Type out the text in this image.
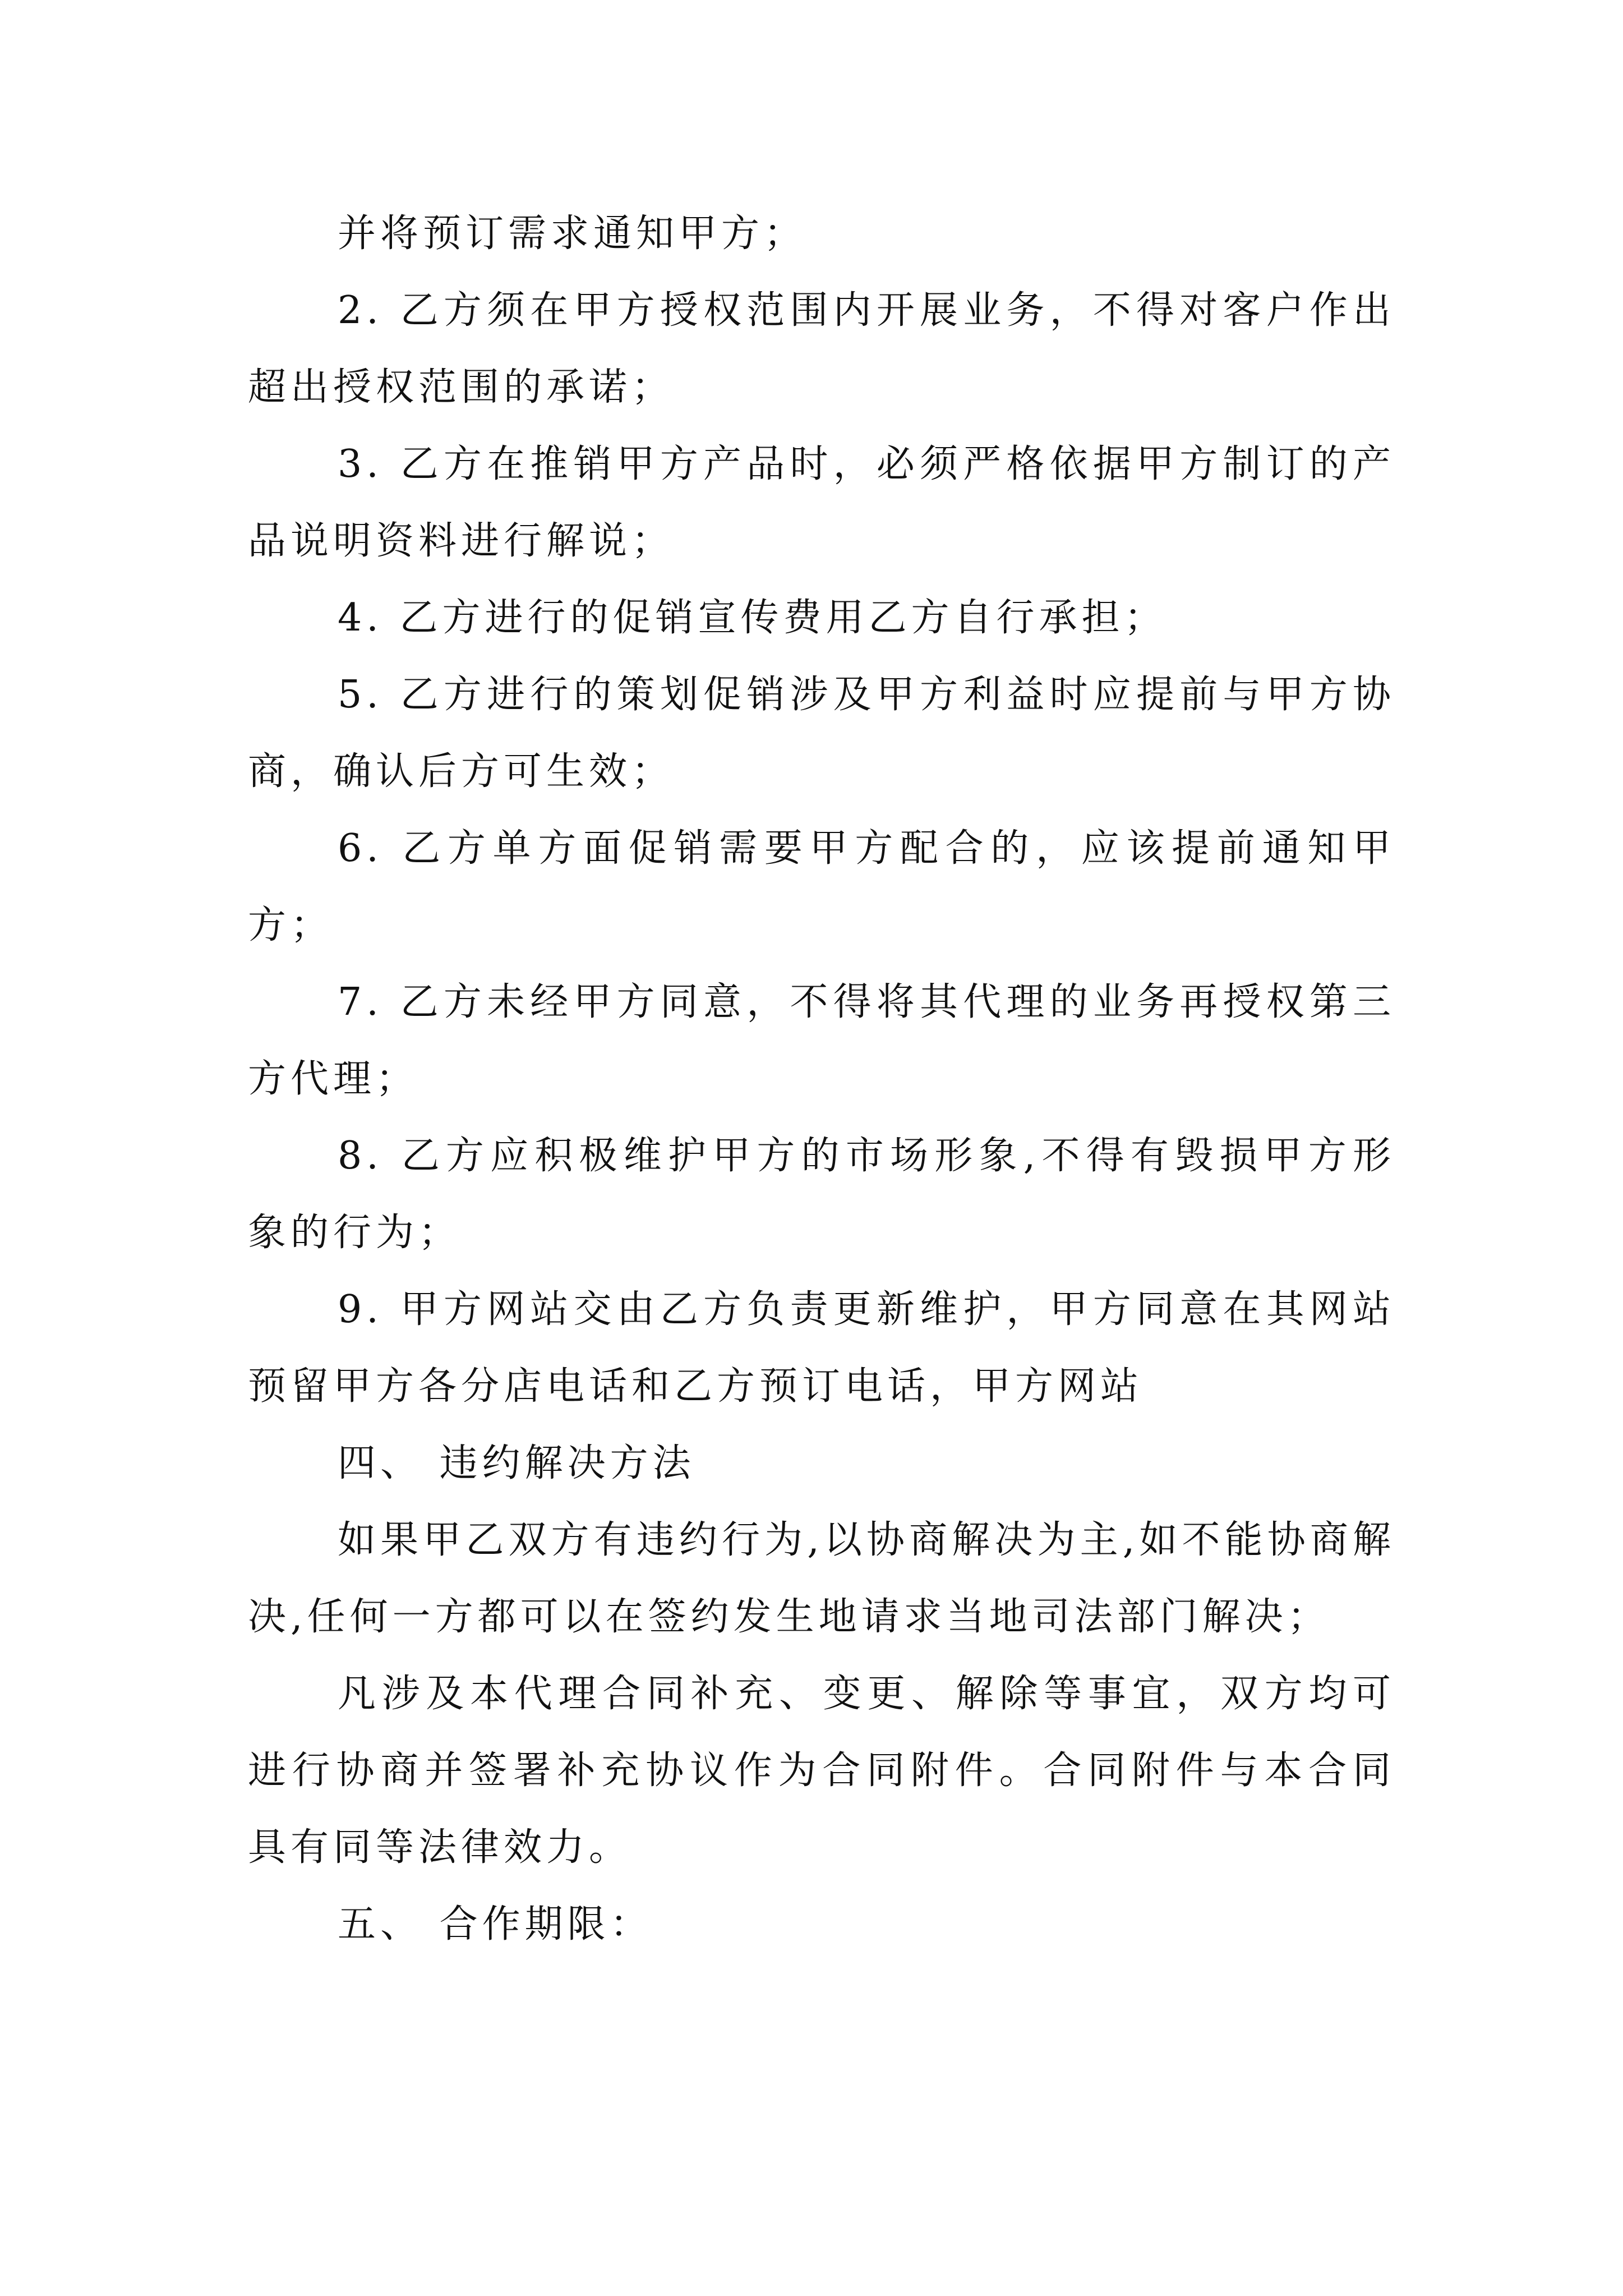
并将预订需求通知甲方；

2. 乙方须在甲方授权范围内开展业务，不得对客户作出超出授权范围的承诺；

3. 乙方在推销甲方产品时，必须严格依据甲方制订的产品说明资料进行解说；

4. 乙方进行的促销宣传费用乙方自行承担；

5. 乙方进行的策划促销涉及甲方利益时应提前与甲方协商，确认后方可生效；

6. 乙方单方面促销需要甲方配合的，应该提前通知甲方；

7. 乙方未经甲方同意，不得将其代理的业务再授权第三方代理；

8. 乙方应积极维护甲方的市场形象,不得有毁损甲方形象的行为；

9. 甲方网站交由乙方负责更新维护，甲方同意在其网站预留甲方各分店电话和乙方预订电话，甲方网站

四、 违约解决方法

如果甲乙双方有违约行为,以协商解决为主,如不能协商解决,任何一方都可以在签约发生地请求当地司法部门解决；

凡涉及本代理合同补充、变更、解除等事宜，双方均可进行协商并签署补充协议作为合同附件。合同附件与本合同具有同等法律效力。

五、 合作期限：
